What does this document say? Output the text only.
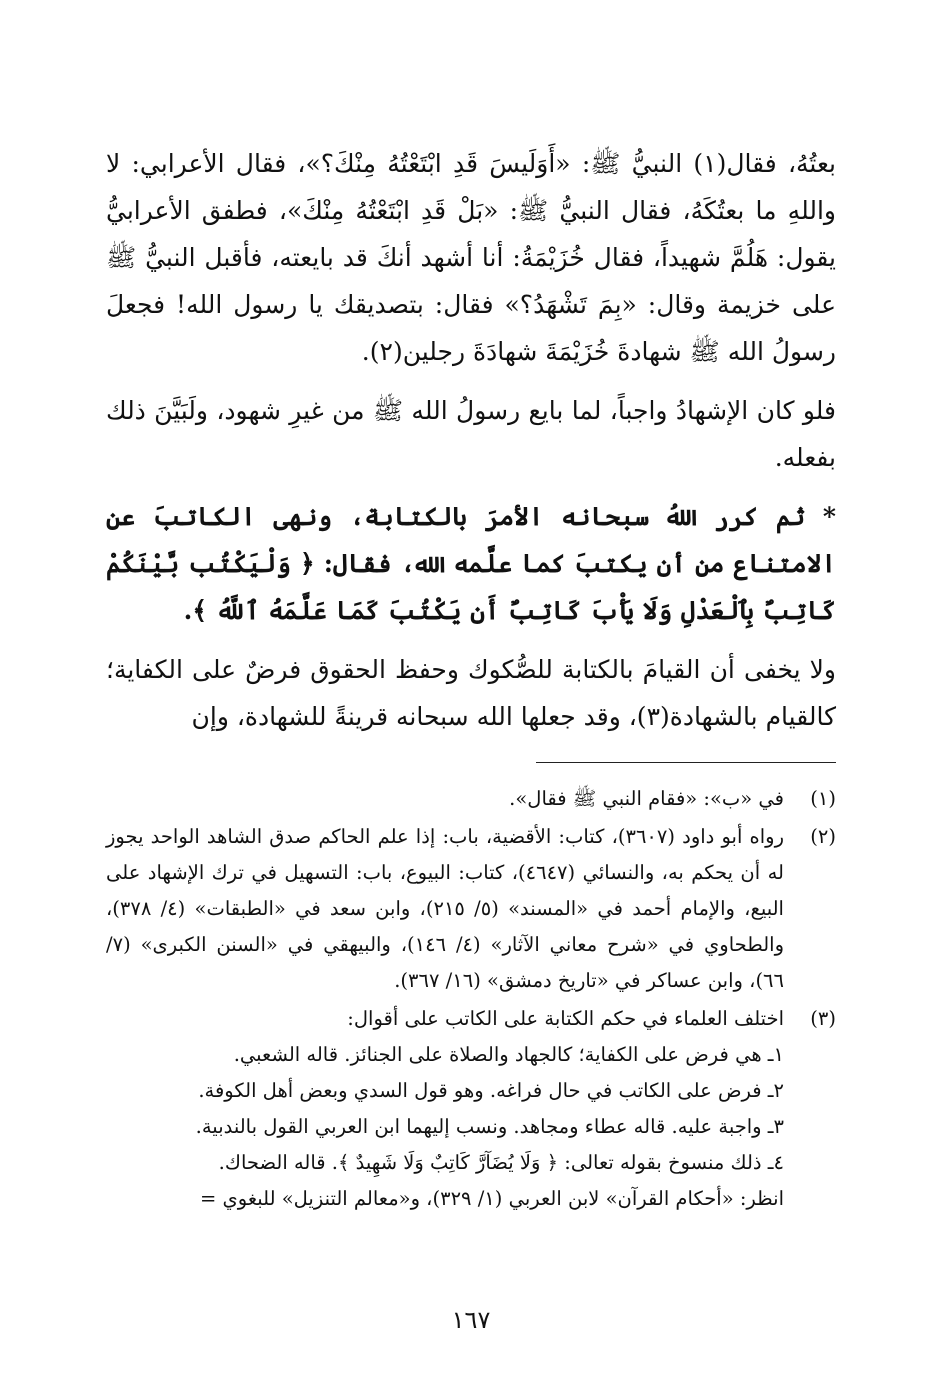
بعتُهُ، فقال(١) النبيُّ ﷺ: «أَوَلَيسَ قَدِ ابْتَعْتُهُ مِنْكَ؟»، فقال الأعرابي: لا واللهِ ما بعتُكَهُ، فقال النبيُّ ﷺ: «بَلْ قَدِ ابْتَعْتُهُ مِنْكَ»، فطفق الأعرابيُّ يقول: هَلُمَّ شهيداً، فقال خُزَيْمَةُ: أنا أشهد أنكَ قد بايعته، فأقبل النبيُّ ﷺ على خزيمة وقال: «بِمَ تَشْهَدُ؟» فقال: بتصديقك يا رسول الله! فجعلَ رسولُ الله ﷺ شهادةَ خُزَيْمَةَ شهادَةَ رجلين(٢).

فلو كان الإشهادُ واجباً، لما بايع رسولُ الله ﷺ من غيرِ شهود، ولَبَيَّنَ ذلك بفعله.

* ثم كرر اللهُ سبحانه الأمرَ بالكتابة، ونهى الكاتبَ عن الامتناع من أن يكتبَ كما علَّمه الله، فقال: ﴿ وَلْيَكْتُب بَّيْنَكُمْ كَاتِبٌ بِٱلْعَدْلِ وَلَا يَأْبَ كَاتِبٌ أَن يَكْتُبَ كَمَا عَلَّمَهُ ٱللَّهُ ﴾.

ولا يخفى أن القيامَ بالكتابة للصُّكوك وحفظ الحقوق فرضٌ على الكفاية؛ كالقيام بالشهادة(٣)، وقد جعلها الله سبحانه قرينةً للشهادة، وإن

(١)

في «ب»: «فقام النبي ﷺ فقال».

(٢)

رواه أبو داود (٣٦٠٧)، كتاب: الأقضية، باب: إذا علم الحاكم صدق الشاهد الواحد يجوز له أن يحكم به، والنسائي (٤٦٤٧)، كتاب: البيوع، باب: التسهيل في ترك الإشهاد على البيع، والإمام أحمد في «المسند» (٥/ ٢١٥)، وابن سعد في «الطبقات» (٤/ ٣٧٨)، والطحاوي في «شرح معاني الآثار» (٤/ ١٤٦)، والبيهقي في «السنن الكبرى» (٧/ ٦٦)، وابن عساكر في «تاريخ دمشق» (١٦/ ٣٦٧).

(٣)

اختلف العلماء في حكم الكتابة على الكاتب على أقوال:

١ـ هي فرض على الكفاية؛ كالجهاد والصلاة على الجنائز. قاله الشعبي.

٢ـ فرض على الكاتب في حال فراغه. وهو قول السدي وبعض أهل الكوفة.

٣ـ واجبة عليه. قاله عطاء ومجاهد. ونسب إليهما ابن العربي القول بالندبية.

٤ـ ذلك منسوخ بقوله تعالى: ﴿ وَلَا يُضَآرَّ كَاتِبٌ وَلَا شَهِيدٌ ﴾. قاله الضحاك.

انظر: «أحكام القرآن» لابن العربي (١/ ٣٢٩)، و«معالم التنزيل» للبغوي =

١٦٧
